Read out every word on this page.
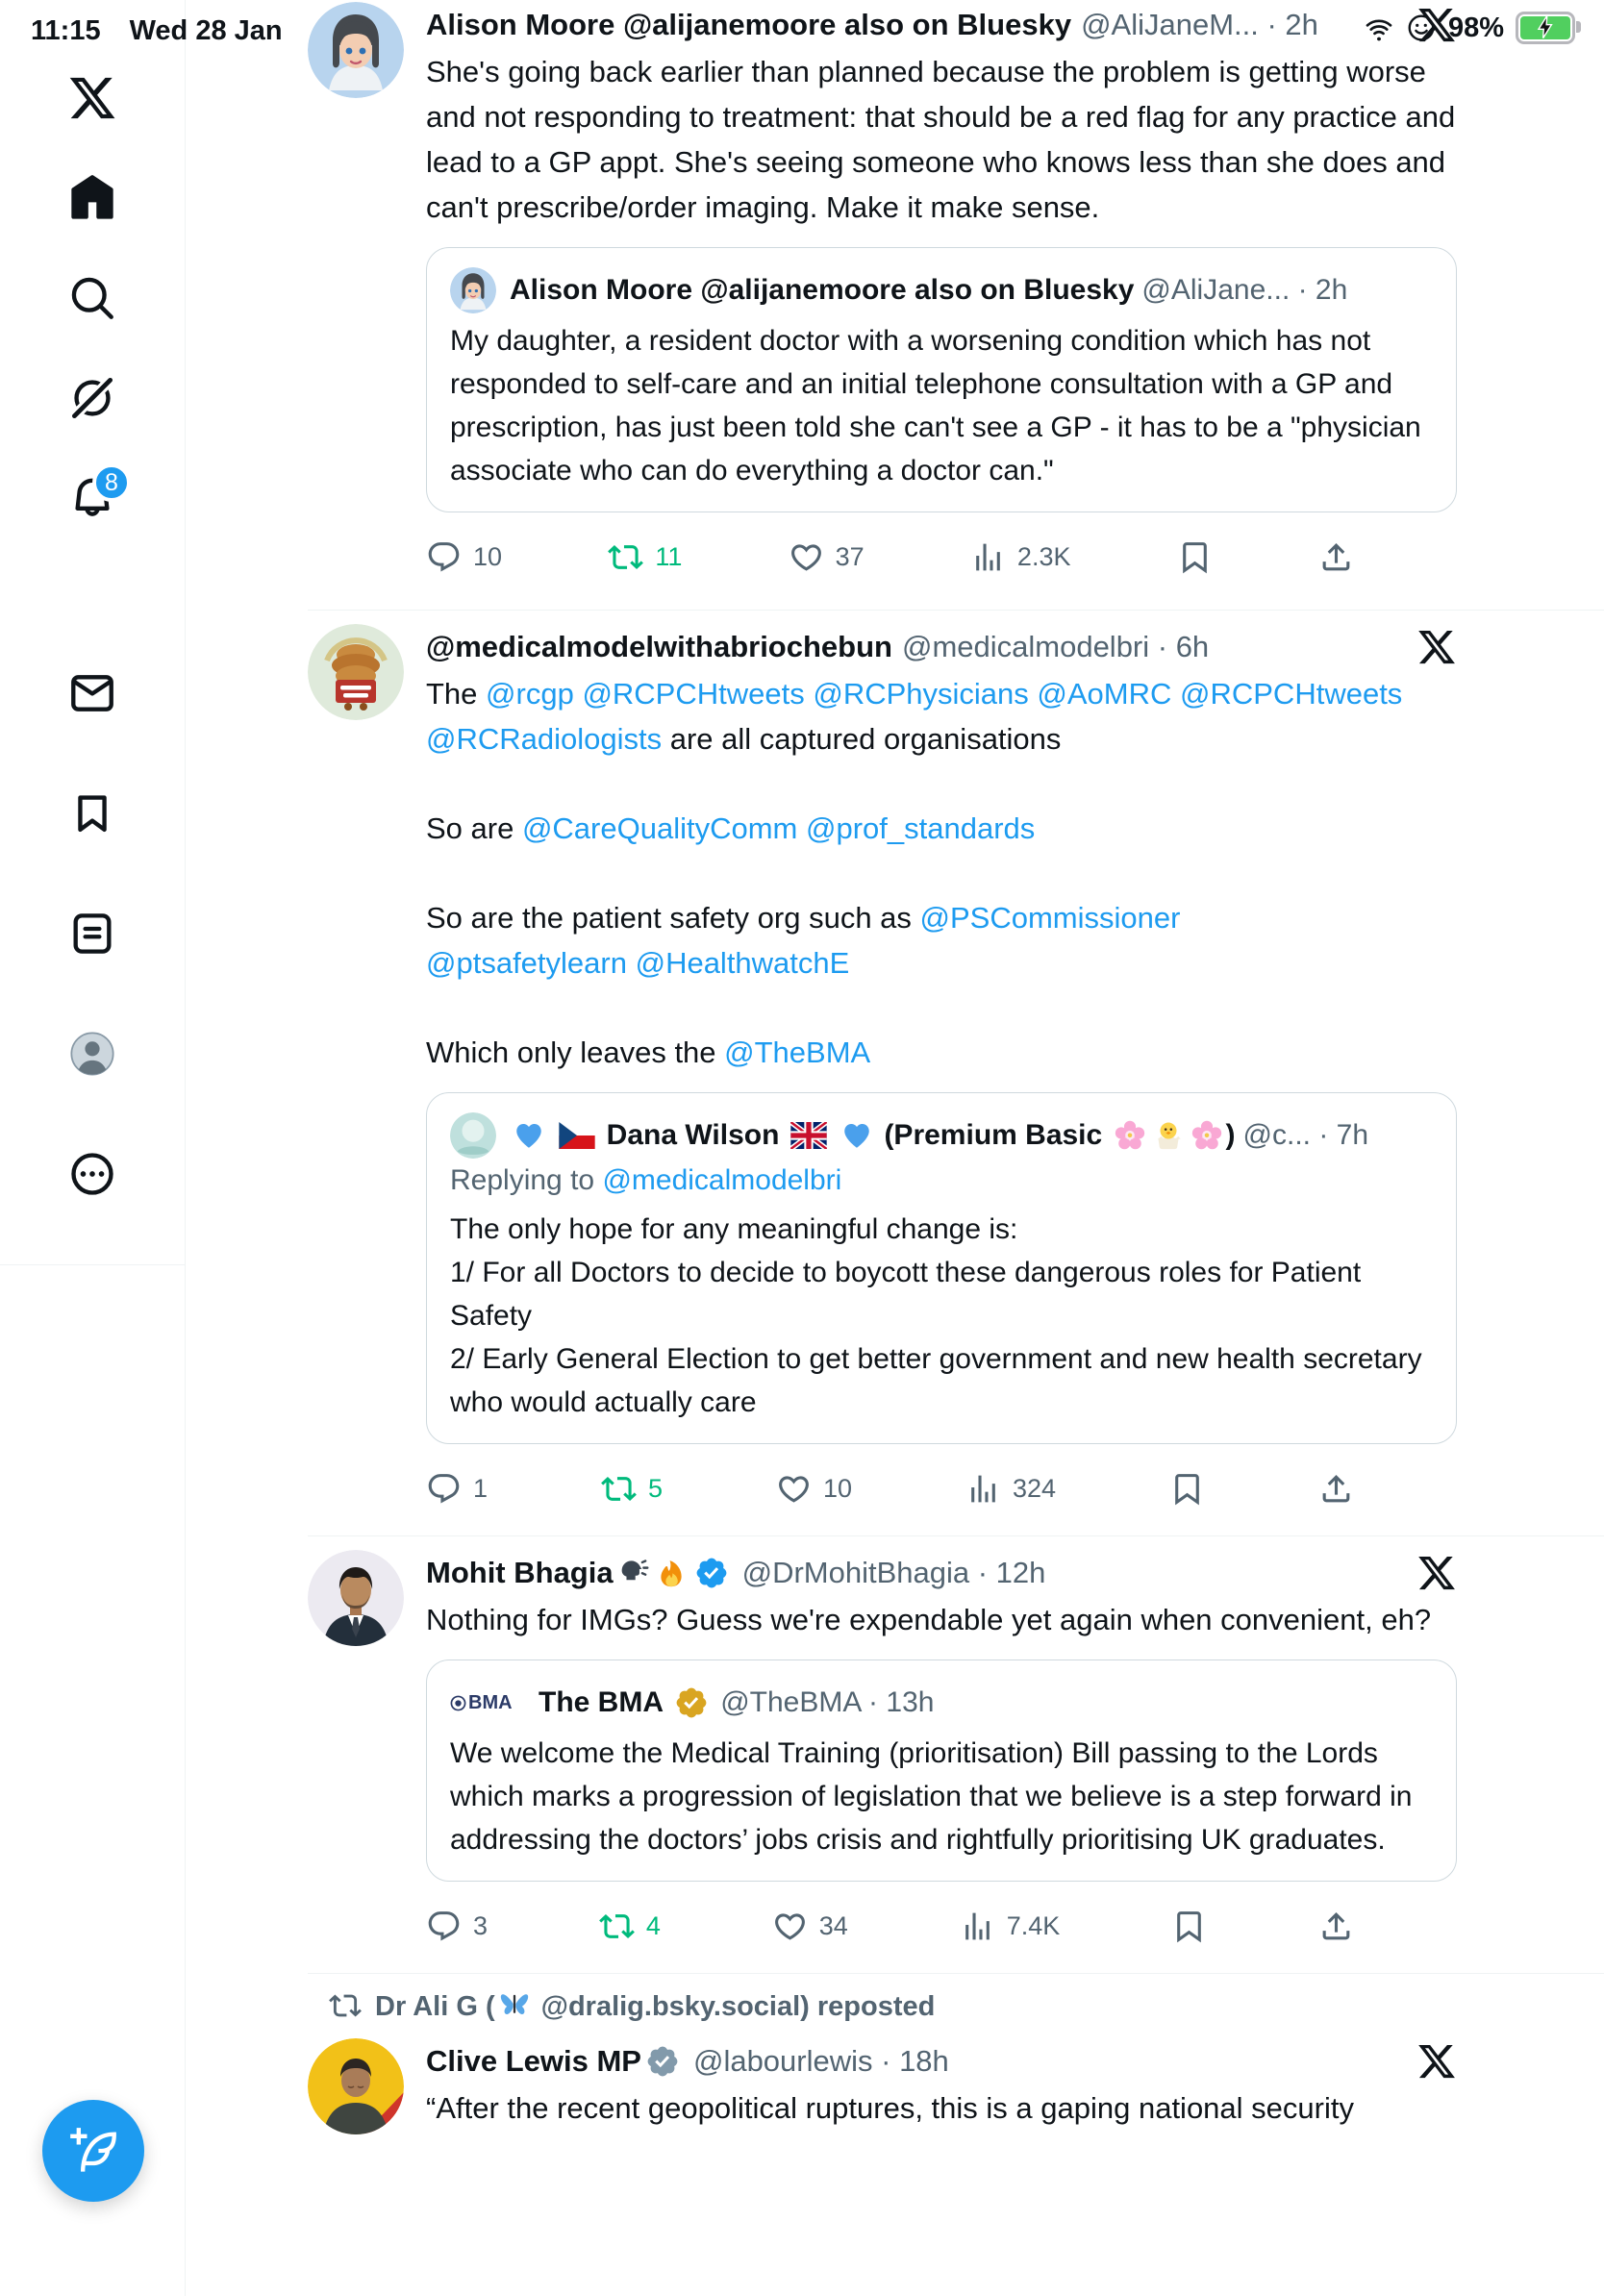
11:15 Wed 28 Jan	98%
8
Alison Moore @alijanemoore also on Bluesky @AliJaneM... · 2h
She's going back earlier than planned because the problem is getting worse and not responding to treatment: that should be a red flag for any practice and lead to a GP appt. She's seeing someone who knows less than she does and can't prescribe/order imaging. Make it make sense.
Alison Moore @alijanemoore also on Bluesky @AliJane... · 2h
My daughter, a resident doctor with a worsening condition which has not responded to self-care and an initial telephone consultation with a GP and prescription, has just been told she can't see a GP - it has to be a "physician associate who can do everything a doctor can."
10	11	37	2.3K
@medicalmodelwithabriochebun @medicalmodelbri · 6h
The @rcgp @RCPCHtweets @RCPhysicians @AoMRC @RCPCHtweets
@RCRadiologists are all captured organisations
So are @CareQualityComm @prof_standards
So are the patient safety org such as @PSCommissioner
@ptsafetylearn @HealthwatchE
Which only leaves the @TheBMA

Dana Wilson
	(Premium Basic	) @c... · 7h
Replying to @medicalmodelbri
The only hope for any meaningful change is:
1/ For all Doctors to decide to boycott these dangerous roles for Patient Safety
2/ Early General Election to get better government and new health secretary who would actually care
1	5	10	324
Mohit Bhagia	@DrMohitBhagia · 12h
Nothing for IMGs? Guess we're expendable yet again when convenient, eh?
BMA The BMA @TheBMA · 13h
We welcome the Medical Training (prioritisation) Bill passing to the Lords which marks a progression of legislation that we believe is a step forward in addressing the doctors’ jobs crisis and rightfully prioritising UK graduates.
3	4	34	7.4K
Dr Ali G (
@dralig.bsky.social) reposted
Clive Lewis MP @labourlewis · 18h
“After the recent geopolitical ruptures, this is a gaping national security
